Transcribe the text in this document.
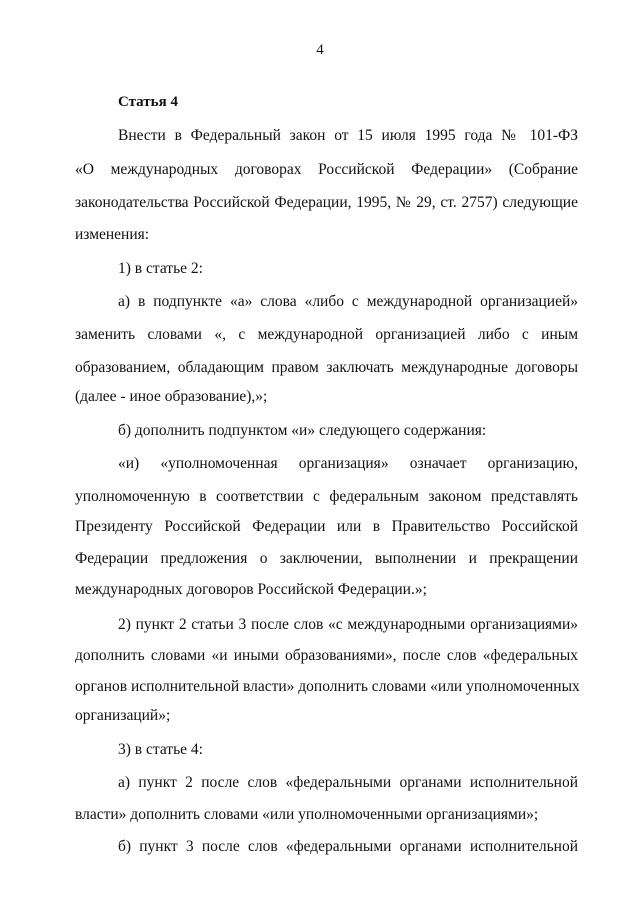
4
Статья 4
Внести в Федеральный закон от 15 июля 1995 года № 101-ФЗ
«О международных договорах Российской Федерации» (Собрание
законодательства Российской Федерации, 1995, № 29, ст. 2757) следующие
изменения:
1) в статье 2:
а) в подпункте «а» слова «либо с международной организацией»
заменить словами «, с международной организацией либо с иным
образованием, обладающим правом заключать международные договоры
(далее - иное образование),»;
б) дополнить подпунктом «и» следующего содержания:
«и) «уполномоченная организация» означает организацию,
уполномоченную в соответствии с федеральным законом представлять
Президенту Российской Федерации или в Правительство Российской
Федерации предложения о заключении, выполнении и прекращении
международных договоров Российской Федерации.»;
2) пункт 2 статьи 3 после слов «с международными организациями»
дополнить словами «и иными образованиями», после слов «федеральных
органов исполнительной власти» дополнить словами «или уполномоченных
организаций»;
3) в статье 4:
а) пункт 2 после слов «федеральными органами исполнительной
власти» дополнить словами «или уполномоченными организациями»;
б) пункт 3 после слов «федеральными органами исполнительной
